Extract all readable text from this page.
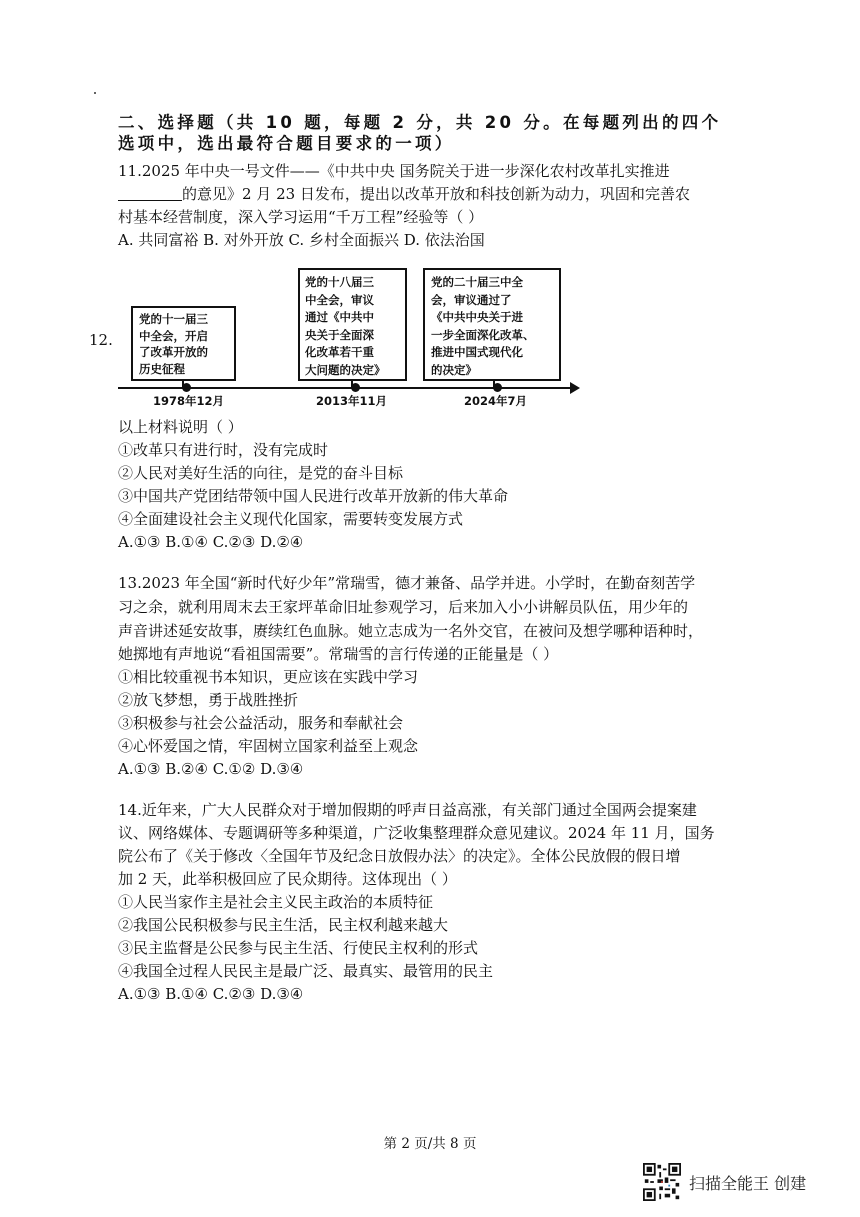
二、选择题（共 10 题，每题 2 分，共 20 分。在每题列出的四个选项中，选出最符合题目要求的一项）
11.2025 年中央一号文件——《中共中央 国务院关于进一步深化农村改革扎实推进
的意见》2 月 23 日发布，提出以改革开放和科技创新为动力，巩固和完善农
村基本经营制度，深入学习运用“千万工程”经验等（ ）
A. 共同富裕 B. 对外开放 C. 乡村全面振兴 D. 依法治国
12.
党的十一届三
中全会，开启
了改革开放的
历史征程
党的十八届三
中全会，审议
通过《中共中
央关于全面深
化改革若干重
大问题的决定》
党的二十届三中全
会，审议通过了
《中共中央关于进
一步全面深化改革、
推进中国式现代化
的决定》
1978年12月	2013年11月	2024年7月
以上材料说明（ ）
①改革只有进行时，没有完成时
②人民对美好生活的向往，是党的奋斗目标
③中国共产党团结带领中国人民进行改革开放新的伟大革命
④全面建设社会主义现代化国家，需要转变发展方式
A.①③ B.①④ C.②③ D.②④
13.2023 年全国“新时代好少年”常瑞雪，德才兼备、品学并进。小学时，在勤奋刻苦学
习之余，就利用周末去王家坪革命旧址参观学习，后来加入小小讲解员队伍，用少年的
声音讲述延安故事，赓续红色血脉。她立志成为一名外交官，在被问及想学哪种语种时，
她掷地有声地说“看祖国需要”。常瑞雪的言行传递的正能量是（ ）
①相比较重视书本知识，更应该在实践中学习
②放飞梦想，勇于战胜挫折
③积极参与社会公益活动，服务和奉献社会
④心怀爱国之情，牢固树立国家利益至上观念
A.①③ B.②④ C.①② D.③④
14.近年来，广大人民群众对于增加假期的呼声日益高涨，有关部门通过全国两会提案建
议、网络媒体、专题调研等多种渠道，广泛收集整理群众意见建议。2024 年 11 月，国务
院公布了《关于修改〈全国年节及纪念日放假办法〉的决定》。全体公民放假的假日增
加 2 天，此举积极回应了民众期待。这体现出（ ）
①人民当家作主是社会主义民主政治的本质特征
②我国公民积极参与民主生活，民主权利越来越大
③民主监督是公民参与民主生活、行使民主权利的形式
④我国全过程人民民主是最广泛、最真实、最管用的民主
A.①③ B.①④ C.②③ D.③④
第 2 页/共 8 页
扫描全能王 创建
